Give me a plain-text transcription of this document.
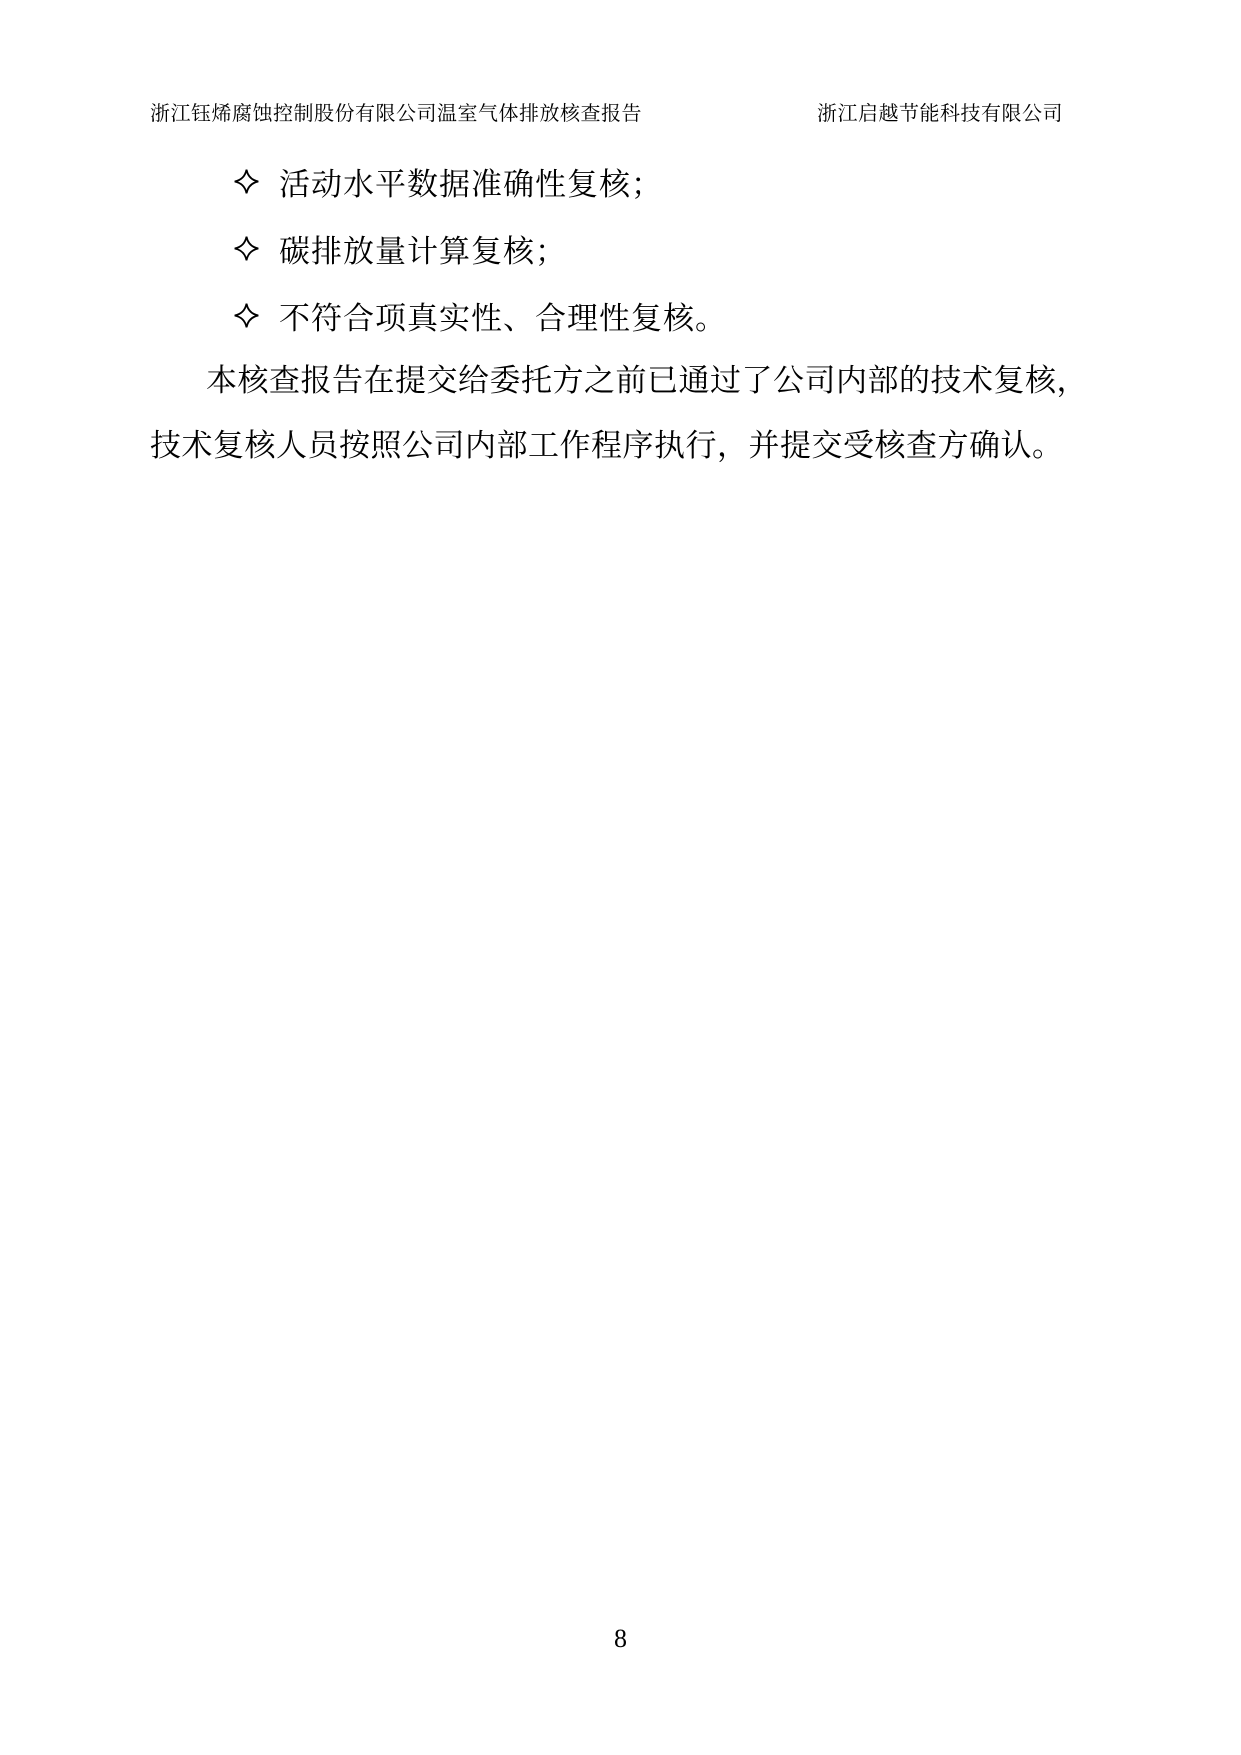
浙江钰烯腐蚀控制股份有限公司温室气体排放核查报告	浙江启越节能科技有限公司
活动水平数据准确性复核；
碳排放量计算复核；
不符合项真实性、合理性复核。

本核查报告在提交给委托方之前已通过了公司内部的技术复核，
技术复核人员按照公司内部工作程序执行，并提交受核查方确认。

8
